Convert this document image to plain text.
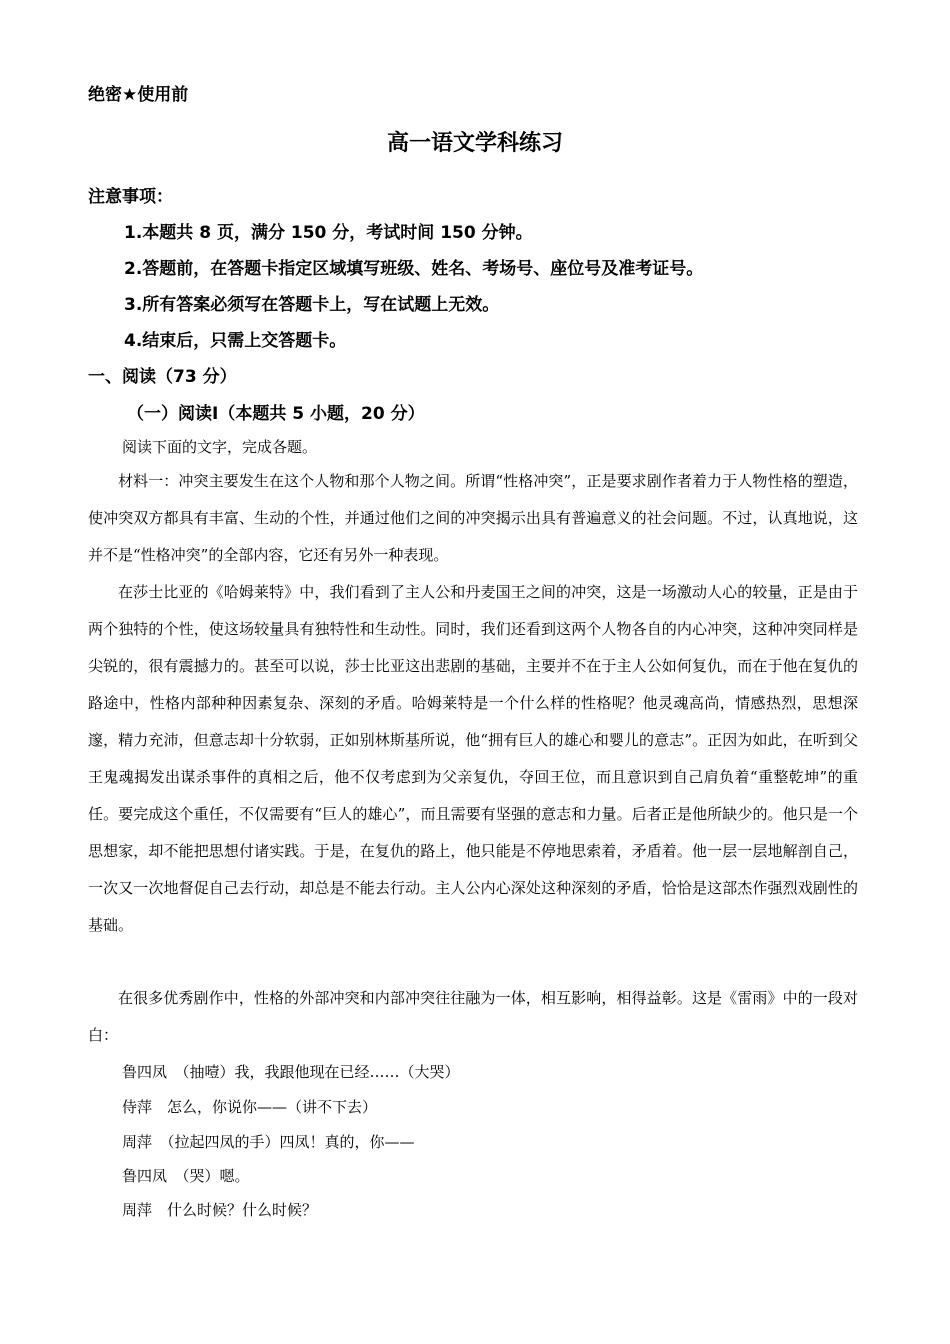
绝密★使用前
高一语文学科练习
注意事项：
1.本题共 8 页，满分 150 分，考试时间 150 分钟。
2.答题前，在答题卡指定区域填写班级、姓名、考场号、座位号及准考证号。
3.所有答案必须写在答题卡上，写在试题上无效。
4.结束后，只需上交答题卡。
一、阅读（73 分）
（一）阅读Ⅰ（本题共 5 小题，20 分）
阅读下面的文字，完成各题。

材料一：冲突主要发生在这个人物和那个人物之间。所谓“性格冲突”，正是要求剧作者着力于人物性格的塑造，使冲突双方都具有丰富、生动的个性，并通过他们之间的冲突揭示出具有普遍意义的社会问题。不过，认真地说，这并不是“性格冲突”的全部内容，它还有另外一种表现。

在莎士比亚的《哈姆莱特》中，我们看到了主人公和丹麦国王之间的冲突，这是一场激动人心的较量，正是由于两个独特的个性，使这场较量具有独特性和生动性。同时，我们还看到这两个人物各自的内心冲突，这种冲突同样是尖锐的，很有震撼力的。甚至可以说，莎士比亚这出悲剧的基础，主要并不在于主人公如何复仇，而在于他在复仇的路途中，性格内部种种因素复杂、深刻的矛盾。哈姆莱特是一个什么样的性格呢？他灵魂高尚，情感热烈，思想深邃，精力充沛，但意志却十分软弱，正如别林斯基所说，他“拥有巨人的雄心和婴儿的意志”。正因为如此，在听到父王鬼魂揭发出谋杀事件的真相之后，他不仅考虑到为父亲复仇，夺回王位，而且意识到自己肩负着“重整乾坤”的重任。要完成这个重任，不仅需要有“巨人的雄心”，而且需要有坚强的意志和力量。后者正是他所缺少的。他只是一个思想家，却不能把思想付诸实践。于是，在复仇的路上，他只能是不停地思索着，矛盾着。他一层一层地解剖自己，一次又一次地督促自己去行动，却总是不能去行动。主人公内心深处这种深刻的矛盾，恰恰是这部杰作强烈戏剧性的基础。

在很多优秀剧作中，性格的外部冲突和内部冲突往往融为一体，相互影响，相得益彰。这是《雷雨》中的一段对白：

鲁四凤　（抽噎）我，我跟他现在已经……（大哭）
侍萍　怎么，你说你——（讲不下去）
周萍　（拉起四凤的手）四凤！真的，你——
鲁四凤　（哭）嗯。
周萍　什么时候？什么时候？
